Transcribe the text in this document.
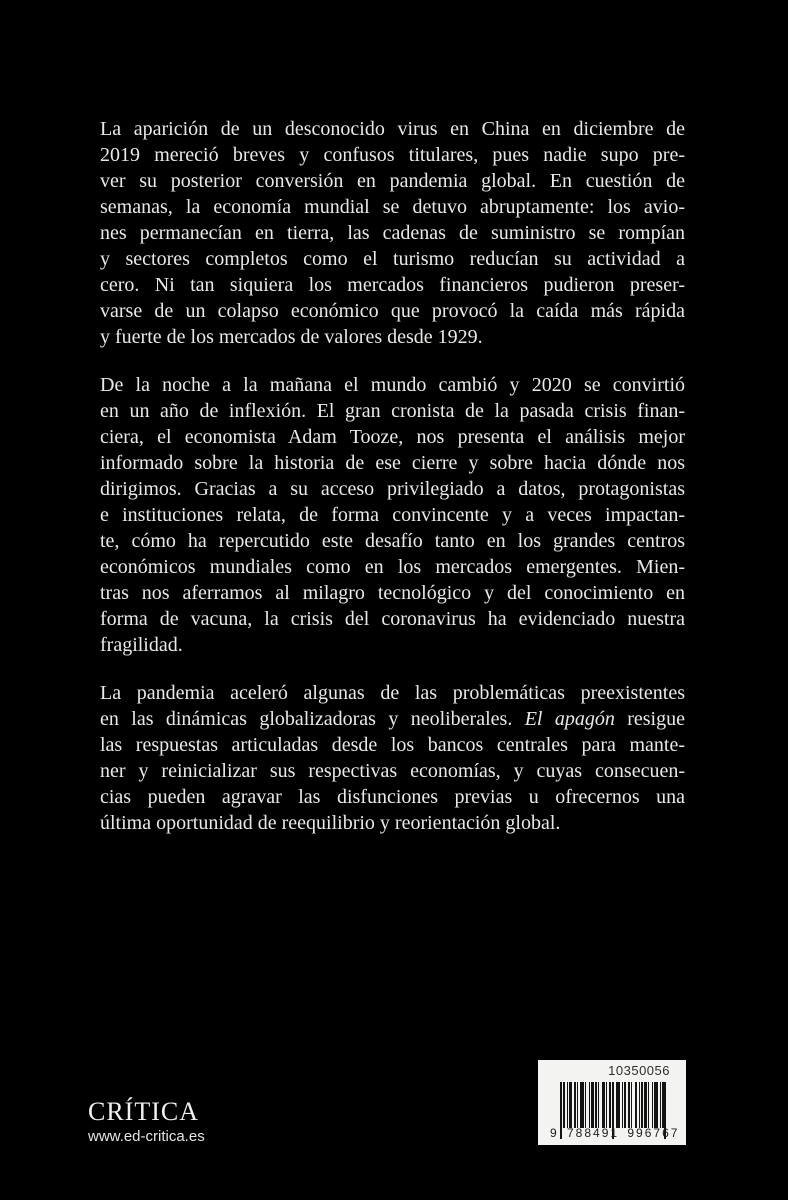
La aparición de un desconocido virus en China en diciembre de
2019 mereció breves y confusos titulares, pues nadie supo pre-
ver su posterior conversión en pandemia global. En cuestión de
semanas, la economía mundial se detuvo abruptamente: los avio-
nes permanecían en tierra, las cadenas de suministro se rompían
y sectores completos como el turismo reducían su actividad a
cero. Ni tan siquiera los mercados financieros pudieron preser-
varse de un colapso económico que provocó la caída más rápida
y fuerte de los mercados de valores desde 1929.
De la noche a la mañana el mundo cambió y 2020 se convirtió
en un año de inflexión. El gran cronista de la pasada crisis finan-
ciera, el economista Adam Tooze, nos presenta el análisis mejor
informado sobre la historia de ese cierre y sobre hacia dónde nos
dirigimos. Gracias a su acceso privilegiado a datos, protagonistas
e instituciones relata, de forma convincente y a veces impactan-
te, cómo ha repercutido este desafío tanto en los grandes centros
económicos mundiales como en los mercados emergentes. Mien-
tras nos aferramos al milagro tecnológico y del conocimiento en
forma de vacuna, la crisis del coronavirus ha evidenciado nuestra
fragilidad.
La pandemia aceleró algunas de las problemáticas preexistentes
en las dinámicas globalizadoras y neoliberales. El apagón resigue
las respuestas articuladas desde los bancos centrales para mante-
ner y reinicializar sus respectivas economías, y cuyas consecuen-
cias pueden agravar las disfunciones previas u ofrecernos una
última oportunidad de reequilibrio y reorientación global.
CRÍTICA
www.ed-critica.es
10350056
9 788491 996767
